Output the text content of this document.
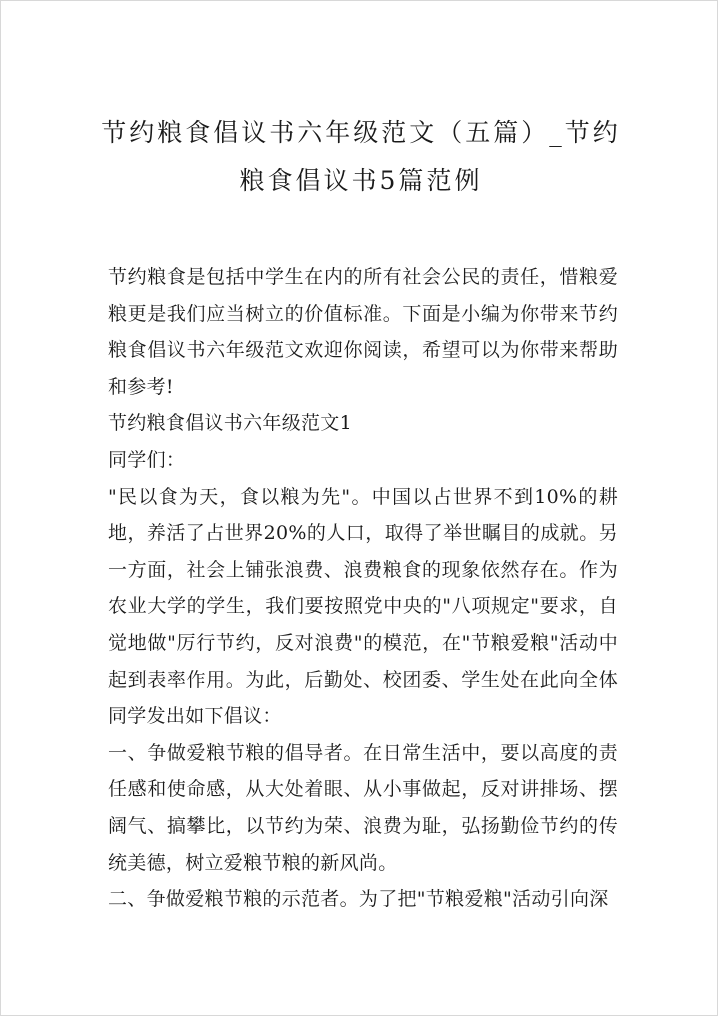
节约粮食倡议书六年级范文（五篇）_节约
粮食倡议书5篇范例

节约粮食是包括中学生在内的所有社会公民的责任，惜粮爱粮更是我们应当树立的价值标准。下面是小编为你带来节约粮食倡议书六年级范文欢迎你阅读，希望可以为你带来帮助和参考!

节约粮食倡议书六年级范文1

同学们：

"民以食为天，食以粮为先"。中国以占世界不到10%的耕地，养活了占世界20%的人口，取得了举世瞩目的成就。另一方面，社会上铺张浪费、浪费粮食的现象依然存在。作为农业大学的学生，我们要按照党中央的"八项规定"要求，自觉地做"厉行节约，反对浪费"的模范，在"节粮爱粮"活动中起到表率作用。为此，后勤处、校团委、学生处在此向全体同学发出如下倡议：

一、争做爱粮节粮的倡导者。在日常生活中，要以高度的责任感和使命感，从大处着眼、从小事做起，反对讲排场、摆阔气、搞攀比，以节约为荣、浪费为耻，弘扬勤俭节约的传统美德，树立爱粮节粮的新风尚。

二、争做爱粮节粮的示范者。为了把"节粮爱粮"活动引向深
